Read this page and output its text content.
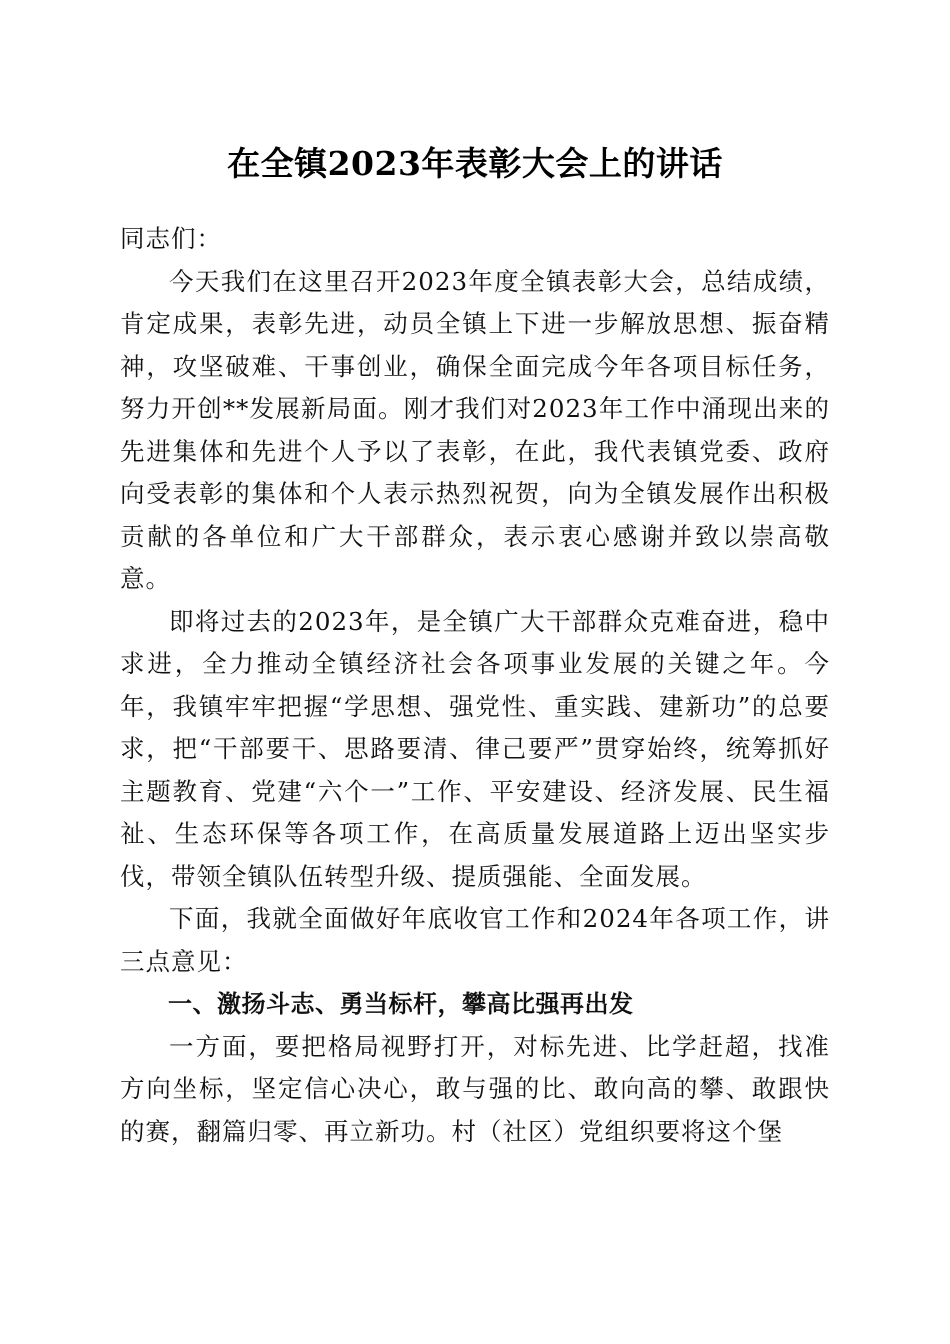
在全镇2023年表彰大会上的讲话

同志们：

今天我们在这里召开2023年度全镇表彰大会，总结成绩，肯定成果，表彰先进，动员全镇上下进一步解放思想、振奋精神，攻坚破难、干事创业，确保全面完成今年各项目标任务，努力开创**发展新局面。刚才我们对2023年工作中涌现出来的先进集体和先进个人予以了表彰，在此，我代表镇党委、政府向受表彰的集体和个人表示热烈祝贺，向为全镇发展作出积极贡献的各单位和广大干部群众，表示衷心感谢并致以崇高敬意。

即将过去的2023年，是全镇广大干部群众克难奋进，稳中求进，全力推动全镇经济社会各项事业发展的关键之年。今年，我镇牢牢把握“学思想、强党性、重实践、建新功”的总要求，把“干部要干、思路要清、律己要严”贯穿始终，统筹抓好主题教育、党建“六个一”工作、平安建设、经济发展、民生福祉、生态环保等各项工作，在高质量发展道路上迈出坚实步伐，带领全镇队伍转型升级、提质强能、全面发展。

下面，我就全面做好年底收官工作和2024年各项工作，讲三点意见：

一、激扬斗志、勇当标杆，攀高比强再出发

一方面，要把格局视野打开，对标先进、比学赶超，找准方向坐标，坚定信心决心，敢与强的比、敢向高的攀、敢跟快的赛，翻篇归零、再立新功。村（社区）党组织要将这个堡
